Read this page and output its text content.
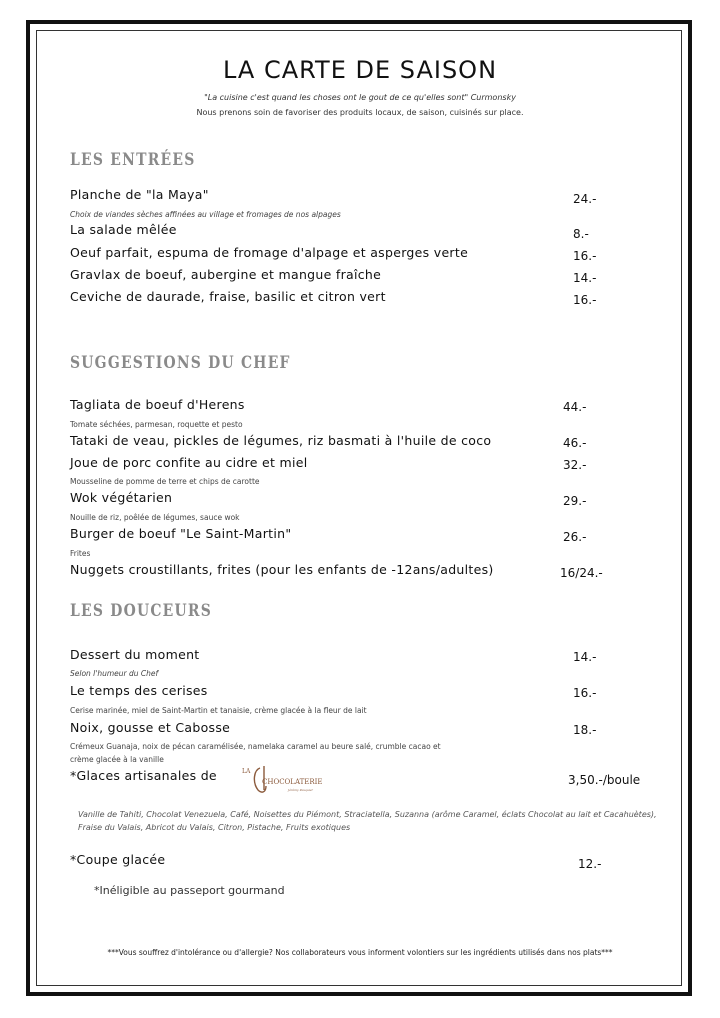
LA CARTE DE SAISON
"La cuisine c'est quand les choses ont le gout de ce qu'elles sont" Curmonsky
Nous prenons soin de favoriser des produits locaux, de saison, cuisinés sur place.
LES ENTRÉES
Planche de "la Maya"	24.-
Choix de viandes sèches affinées au village et fromages de nos alpages
La salade mêlée	8.-
Oeuf parfait, espuma de fromage d'alpage et asperges verte	16.-
Gravlax de boeuf, aubergine et mangue fraîche	14.-
Ceviche de daurade, fraise, basilic et citron vert	16.-
SUGGESTIONS DU CHEF
Tagliata de boeuf d'Herens	44.-
Tomate séchées, parmesan, roquette et pesto
Tataki de veau, pickles de légumes, riz basmati à l'huile de coco	46.-
Joue de porc confite au cidre et miel	32.-
Mousseline de pomme de terre et chips de carotte
Wok végétarien	29.-
Nouille de riz, poêlée de légumes, sauce wok
Burger de boeuf "Le Saint-Martin"	26.-
Frites
Nuggets croustillants, frites (pour les enfants de -12ans/adultes)	16/24.-
LES DOUCEURS
Dessert du moment	14.-
Selon l'humeur du Chef
Le temps des cerises	16.-
Cerise marinée, miel de Saint-Martin et tanaisie, crème glacée à la fleur de lait
Noix, gousse et Cabosse	18.-
Crémeux Guanaja, noix de pécan caramélisée, namelaka caramel au beure salé, crumble cacao et
crème glacée à la vanille
*Glaces artisanales de	3,50.-/boule
LA
CHOCOLATERIE
Jérémy Pasquier
Vanille de Tahiti, Chocolat Venezuela, Café, Noisettes du Piémont, Straciatella, Suzanna (arôme Caramel, éclats Chocolat au lait et Cacahuètes), Fraise du Valais, Abricot du Valais, Citron, Pistache, Fruits exotiques
*Coupe glacée	12.-
*Inéligible au passeport gourmand
***Vous souffrez d'intolérance ou d'allergie? Nos collaborateurs vous informent volontiers sur les ingrédients utilisés dans nos plats***
